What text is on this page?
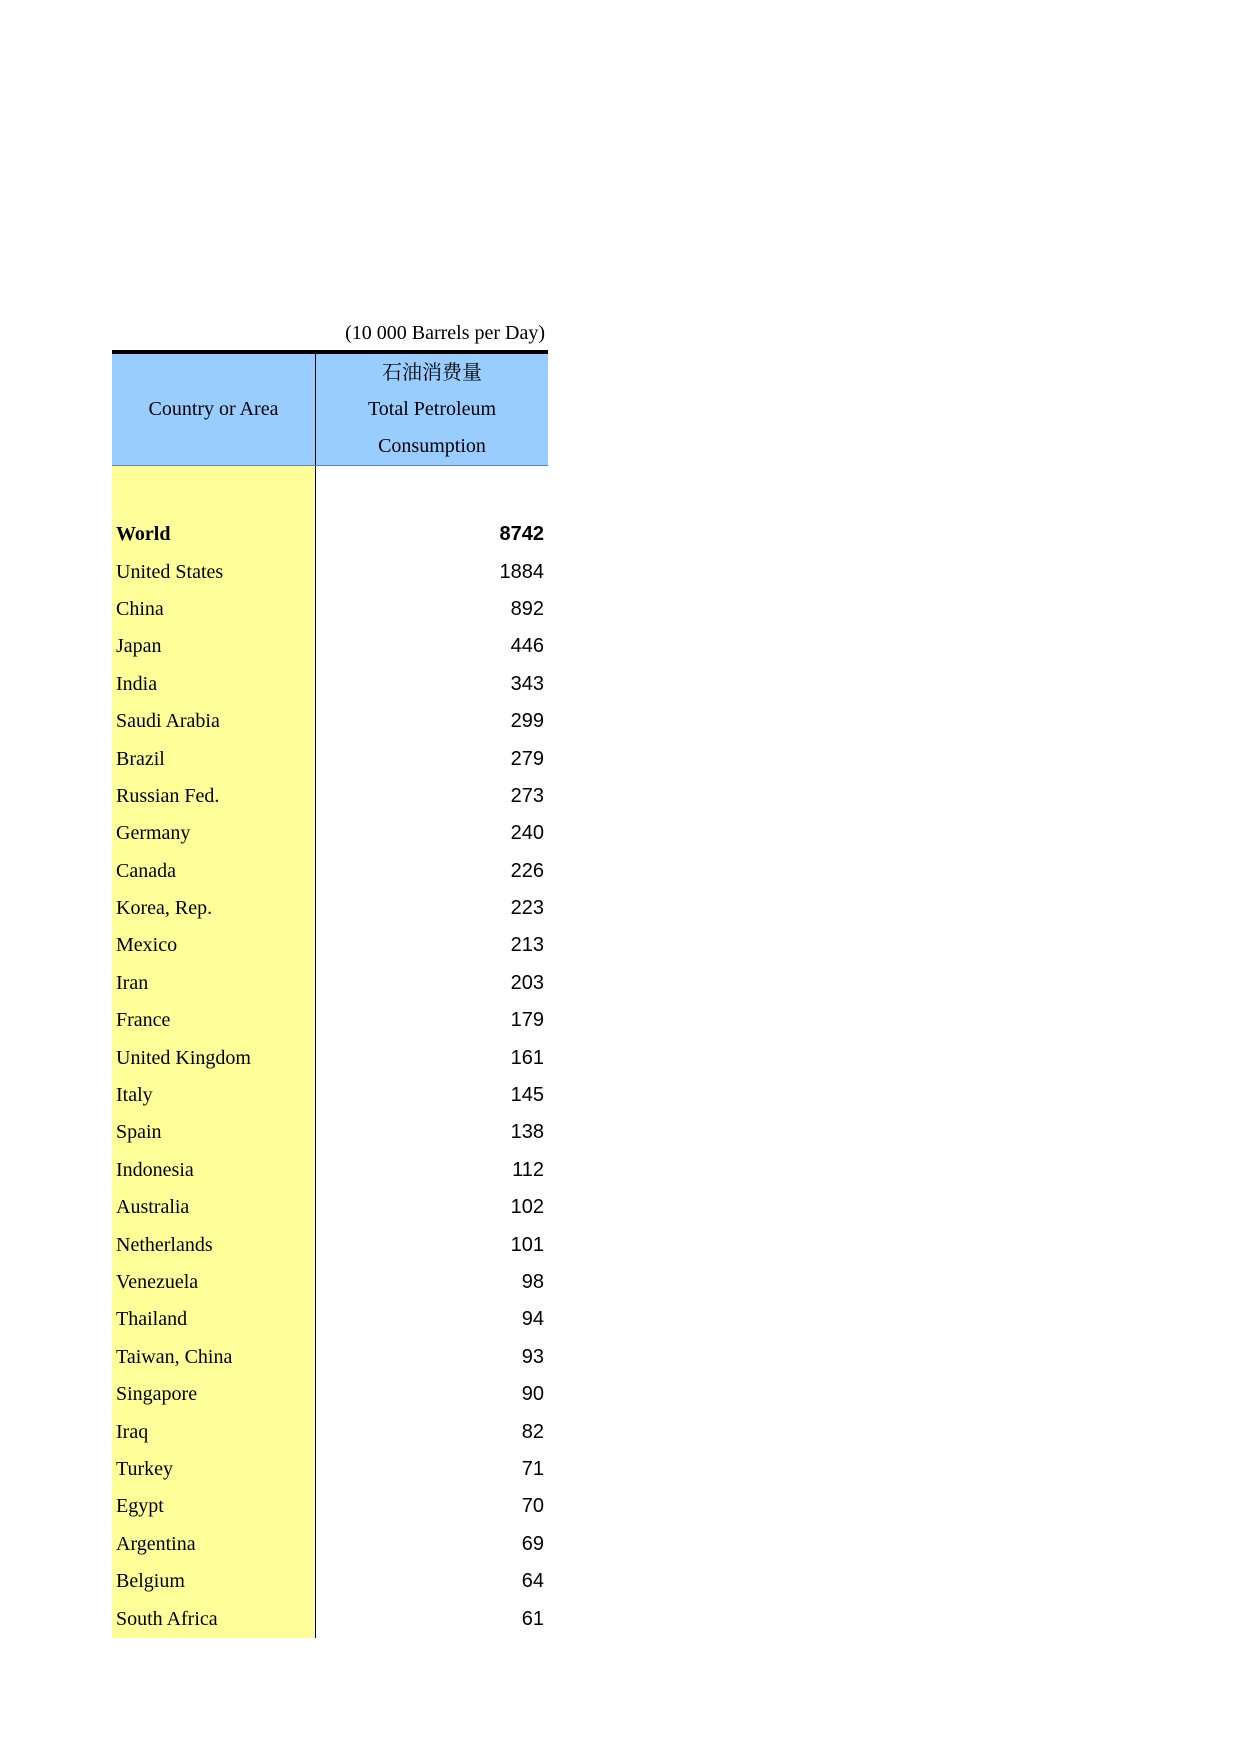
(10 000 Barrels per Day)
Country or Area
石油消费量
Total Petroleum
Consumption
World	8742
United States	1884
China	892
Japan	446
India	343
Saudi Arabia	299
Brazil	279
Russian Fed.	273
Germany	240
Canada	226
Korea, Rep.	223
Mexico	213
Iran	203
France	179
United Kingdom	161
Italy	145
Spain	138
Indonesia	112
Australia	102
Netherlands	101
Venezuela	98
Thailand	94
Taiwan, China	93
Singapore	90
Iraq	82
Turkey	71
Egypt	70
Argentina	69
Belgium	64
South Africa	61
